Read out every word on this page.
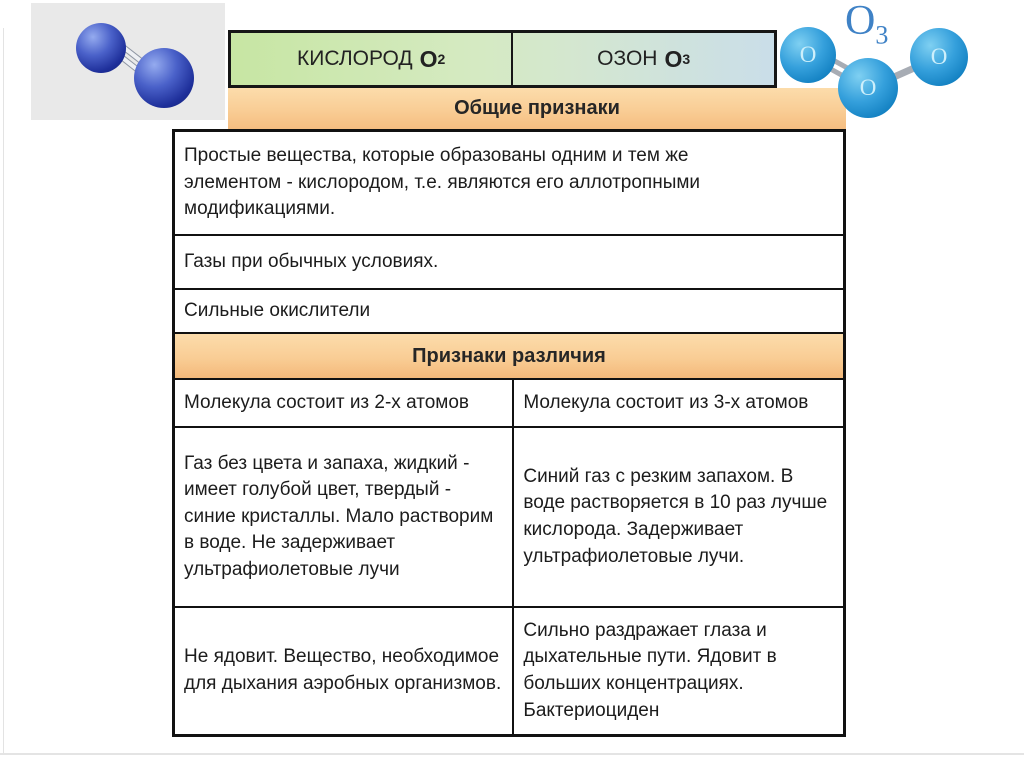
КИСЛОРОД O 2	ОЗОН O 3
Общие признаки
Простые вещества, которые образованы одним и тем же элементом - кислородом, т.е. являются его аллотропными модификациями.
Газы при обычных условиях.
Сильные окислители
Признаки различия
Молекула состоит из 2-х атомов	Молекула состоит из 3-х атомов
Газ без цвета и запаха, жидкий - имеет голубой цвет, твердый - синие кристаллы. Мало растворим в воде. Не задерживает ультрафиолетовые лучи
Синий газ с резким запахом. В воде растворяется в 10 раз лучше кислорода. Задерживает ультрафиолетовые лучи.
Не ядовит. Вещество, необходимое для дыхания аэробных организмов.
Сильно раздражает глаза и дыхательные пути. Ядовит в больших концентрациях. Бактериоциден
$O_3$
O
O
O
